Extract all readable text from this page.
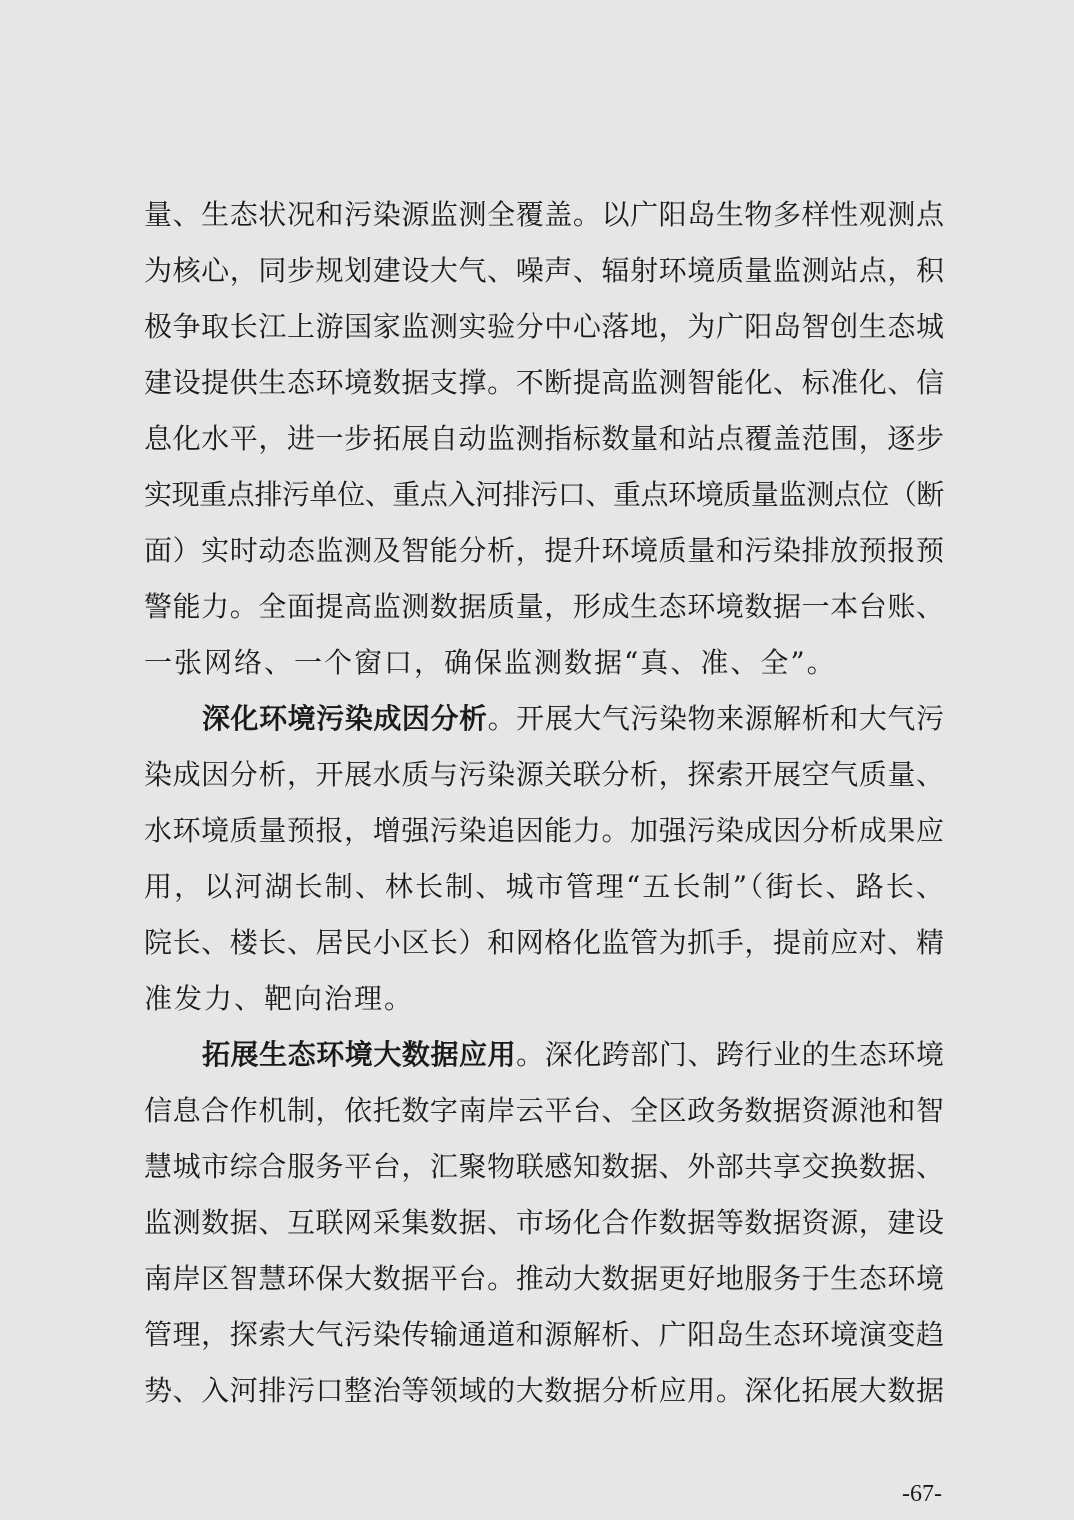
量、生态状况和污染源监测全覆盖。以广阳岛生物多样性观测点
为核心，同步规划建设大气、噪声、辐射环境质量监测站点，积
极争取长江上游国家监测实验分中心落地，为广阳岛智创生态城
建设提供生态环境数据支撑。不断提高监测智能化、标准化、信
息化水平，进一步拓展自动监测指标数量和站点覆盖范围，逐步
实现重点排污单位、重点入河排污口、重点环境质量监测点位（断
面）实时动态监测及智能分析，提升环境质量和污染排放预报预
警能力。全面提高监测数据质量，形成生态环境数据一本台账、
一张网络、一个窗口，确保监测数据“真、准、全”。
深化环境污染成因分析。开展大气污染物来源解析和大气污
染成因分析，开展水质与污染源关联分析，探索开展空气质量、
水环境质量预报，增强污染追因能力。加强污染成因分析成果应
用，以河湖长制、林长制、城市管理“五长制”（街长、路长、
院长、楼长、居民小区长）和网格化监管为抓手，提前应对、精
准发力、靶向治理。
拓展生态环境大数据应用。深化跨部门、跨行业的生态环境
信息合作机制，依托数字南岸云平台、全区政务数据资源池和智
慧城市综合服务平台，汇聚物联感知数据、外部共享交换数据、
监测数据、互联网采集数据、市场化合作数据等数据资源，建设
南岸区智慧环保大数据平台。推动大数据更好地服务于生态环境
管理，探索大气污染传输通道和源解析、广阳岛生态环境演变趋
势、入河排污口整治等领域的大数据分析应用。深化拓展大数据
-67-
